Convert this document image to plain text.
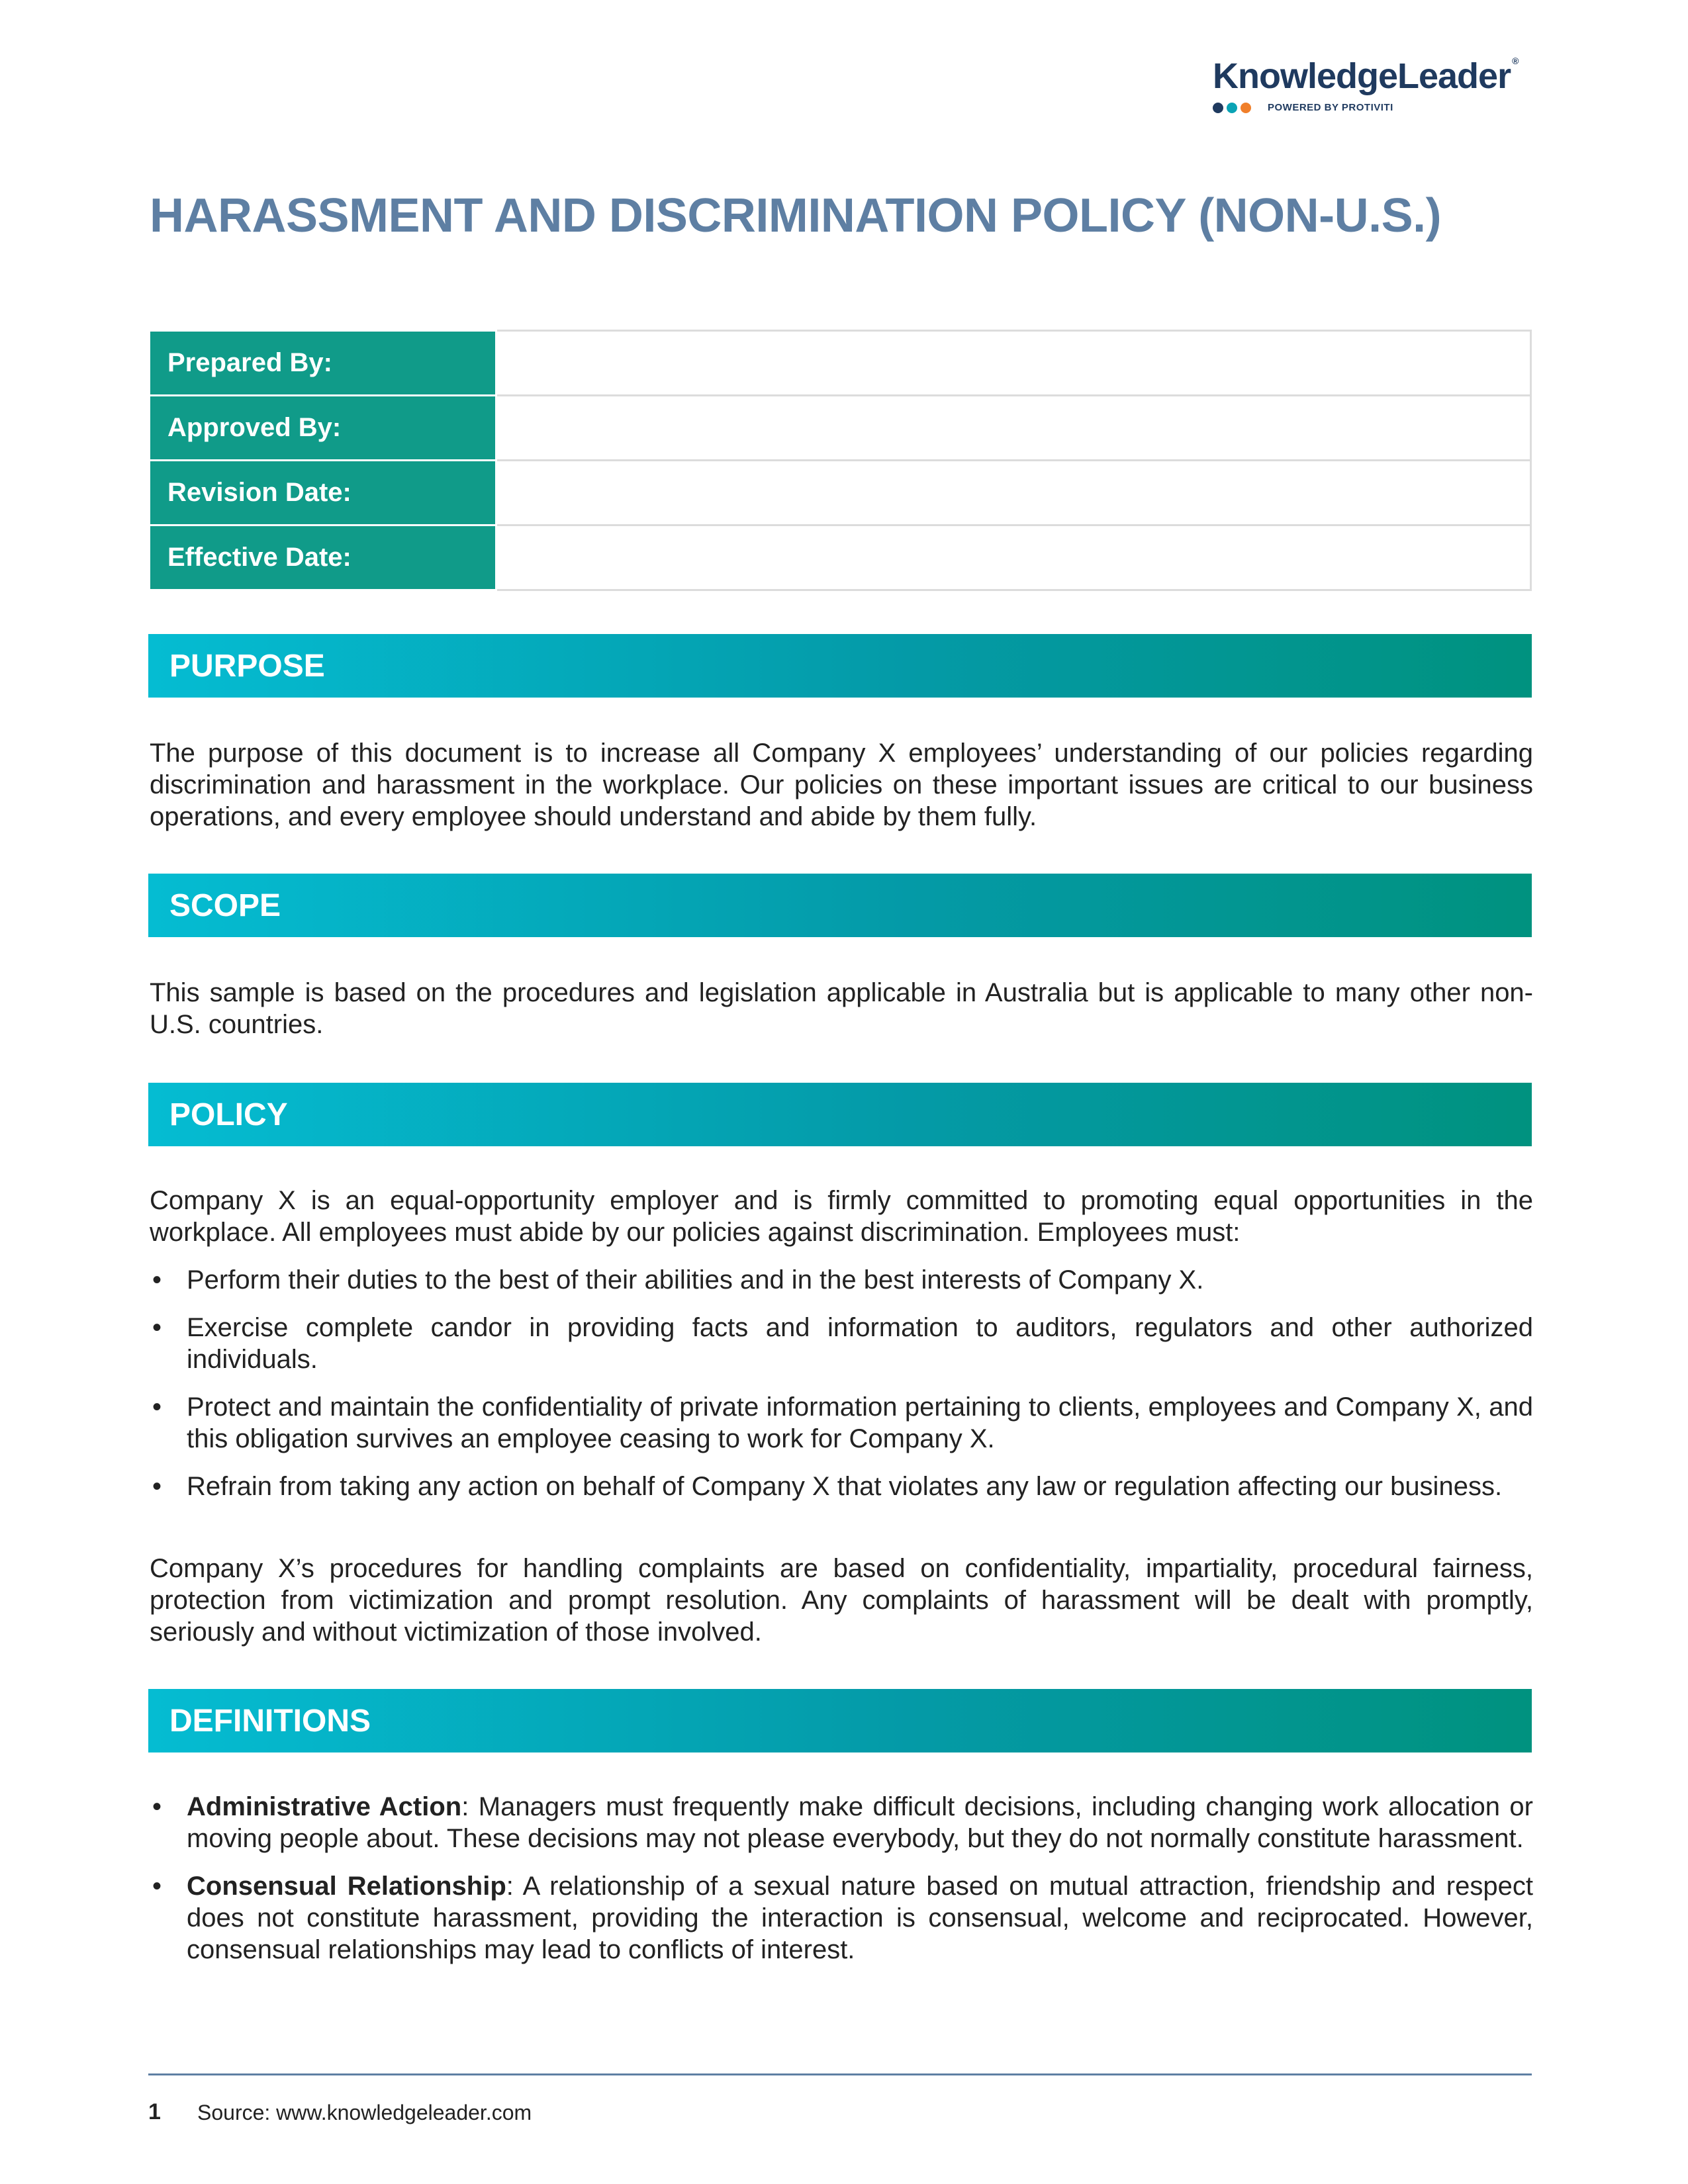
KnowledgeLeader ®
POWERED BY PROTIVITI
HARASSMENT AND DISCRIMINATION POLICY (NON-U.S.)
Prepared By:	
Approved By:	
Revision Date:	
Effective Date:	
PURPOSE
The purpose of this document is to increase all Company X employees’ understanding of our policies regarding discrimination and harassment in the workplace. Our policies on these important issues are critical to our business operations, and every employee should understand and abide by them fully.
SCOPE
This sample is based on the procedures and legislation applicable in Australia but is applicable to many other non-U.S. countries.
POLICY
Company X is an equal-opportunity employer and is firmly committed to promoting equal opportunities in the workplace. All employees must abide by our policies against discrimination. Employees must:
• Perform their duties to the best of their abilities and in the best interests of Company X.
• Exercise complete candor in providing facts and information to auditors, regulators and other authorized individuals.
• Protect and maintain the confidentiality of private information pertaining to clients, employees and Company X, and this obligation survives an employee ceasing to work for Company X.
• Refrain from taking any action on behalf of Company X that violates any law or regulation affecting our business.
Company X’s procedures for handling complaints are based on confidentiality, impartiality, procedural fairness, protection from victimization and prompt resolution. Any complaints of harassment will be dealt with promptly, seriously and without victimization of those involved.
DEFINITIONS
• Administrative Action: Managers must frequently make difficult decisions, including changing work allocation or moving people about. These decisions may not please everybody, but they do not normally constitute harassment.
• Consensual Relationship: A relationship of a sexual nature based on mutual attraction, friendship and respect does not constitute harassment, providing the interaction is consensual, welcome and reciprocated. However, consensual relationships may lead to conflicts of interest.
1 Source: www.knowledgeleader.com
